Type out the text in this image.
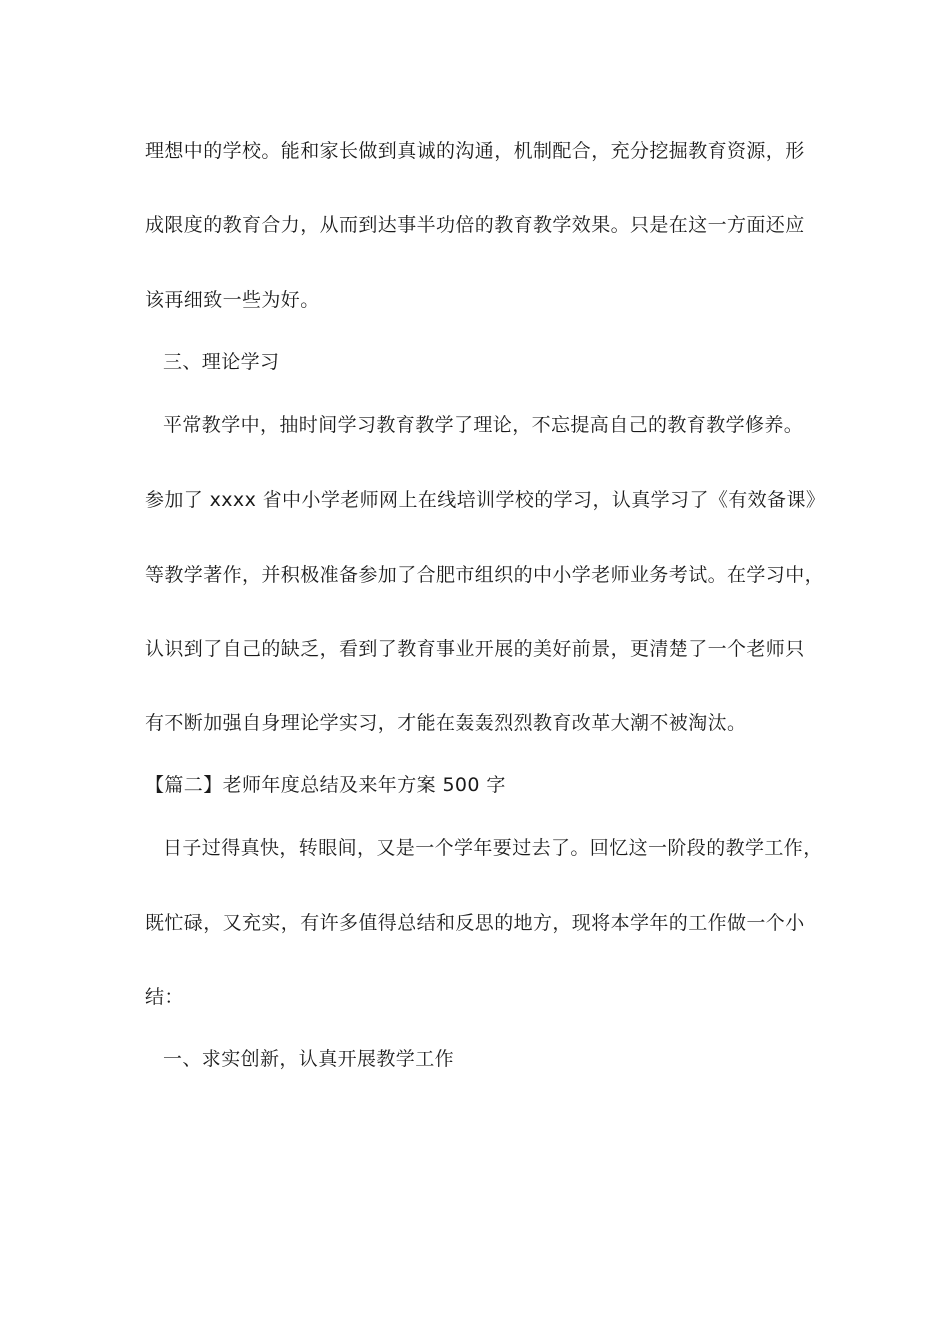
理想中的学校。能和家长做到真诚的沟通，机制配合，充分挖掘教育资源，形
成限度的教育合力，从而到达事半功倍的教育教学效果。只是在这一方面还应
该再细致一些为好。
三、理论学习
平常教学中，抽时间学习教育教学了理论，不忘提高自己的教育教学修养。
参加了 xxxx 省中小学老师网上在线培训学校的学习，认真学习了《有效备课》
等教学著作，并积极准备参加了合肥市组织的中小学老师业务考试。在学习中，
认识到了自己的缺乏，看到了教育事业开展的美好前景，更清楚了一个老师只
有不断加强自身理论学实习，才能在轰轰烈烈教育改革大潮不被淘汰。
【篇二】老师年度总结及来年方案 500 字
日子过得真快，转眼间，又是一个学年要过去了。回忆这一阶段的教学工作，
既忙碌，又充实，有许多值得总结和反思的地方，现将本学年的工作做一个小
结：
一、求实创新，认真开展教学工作
